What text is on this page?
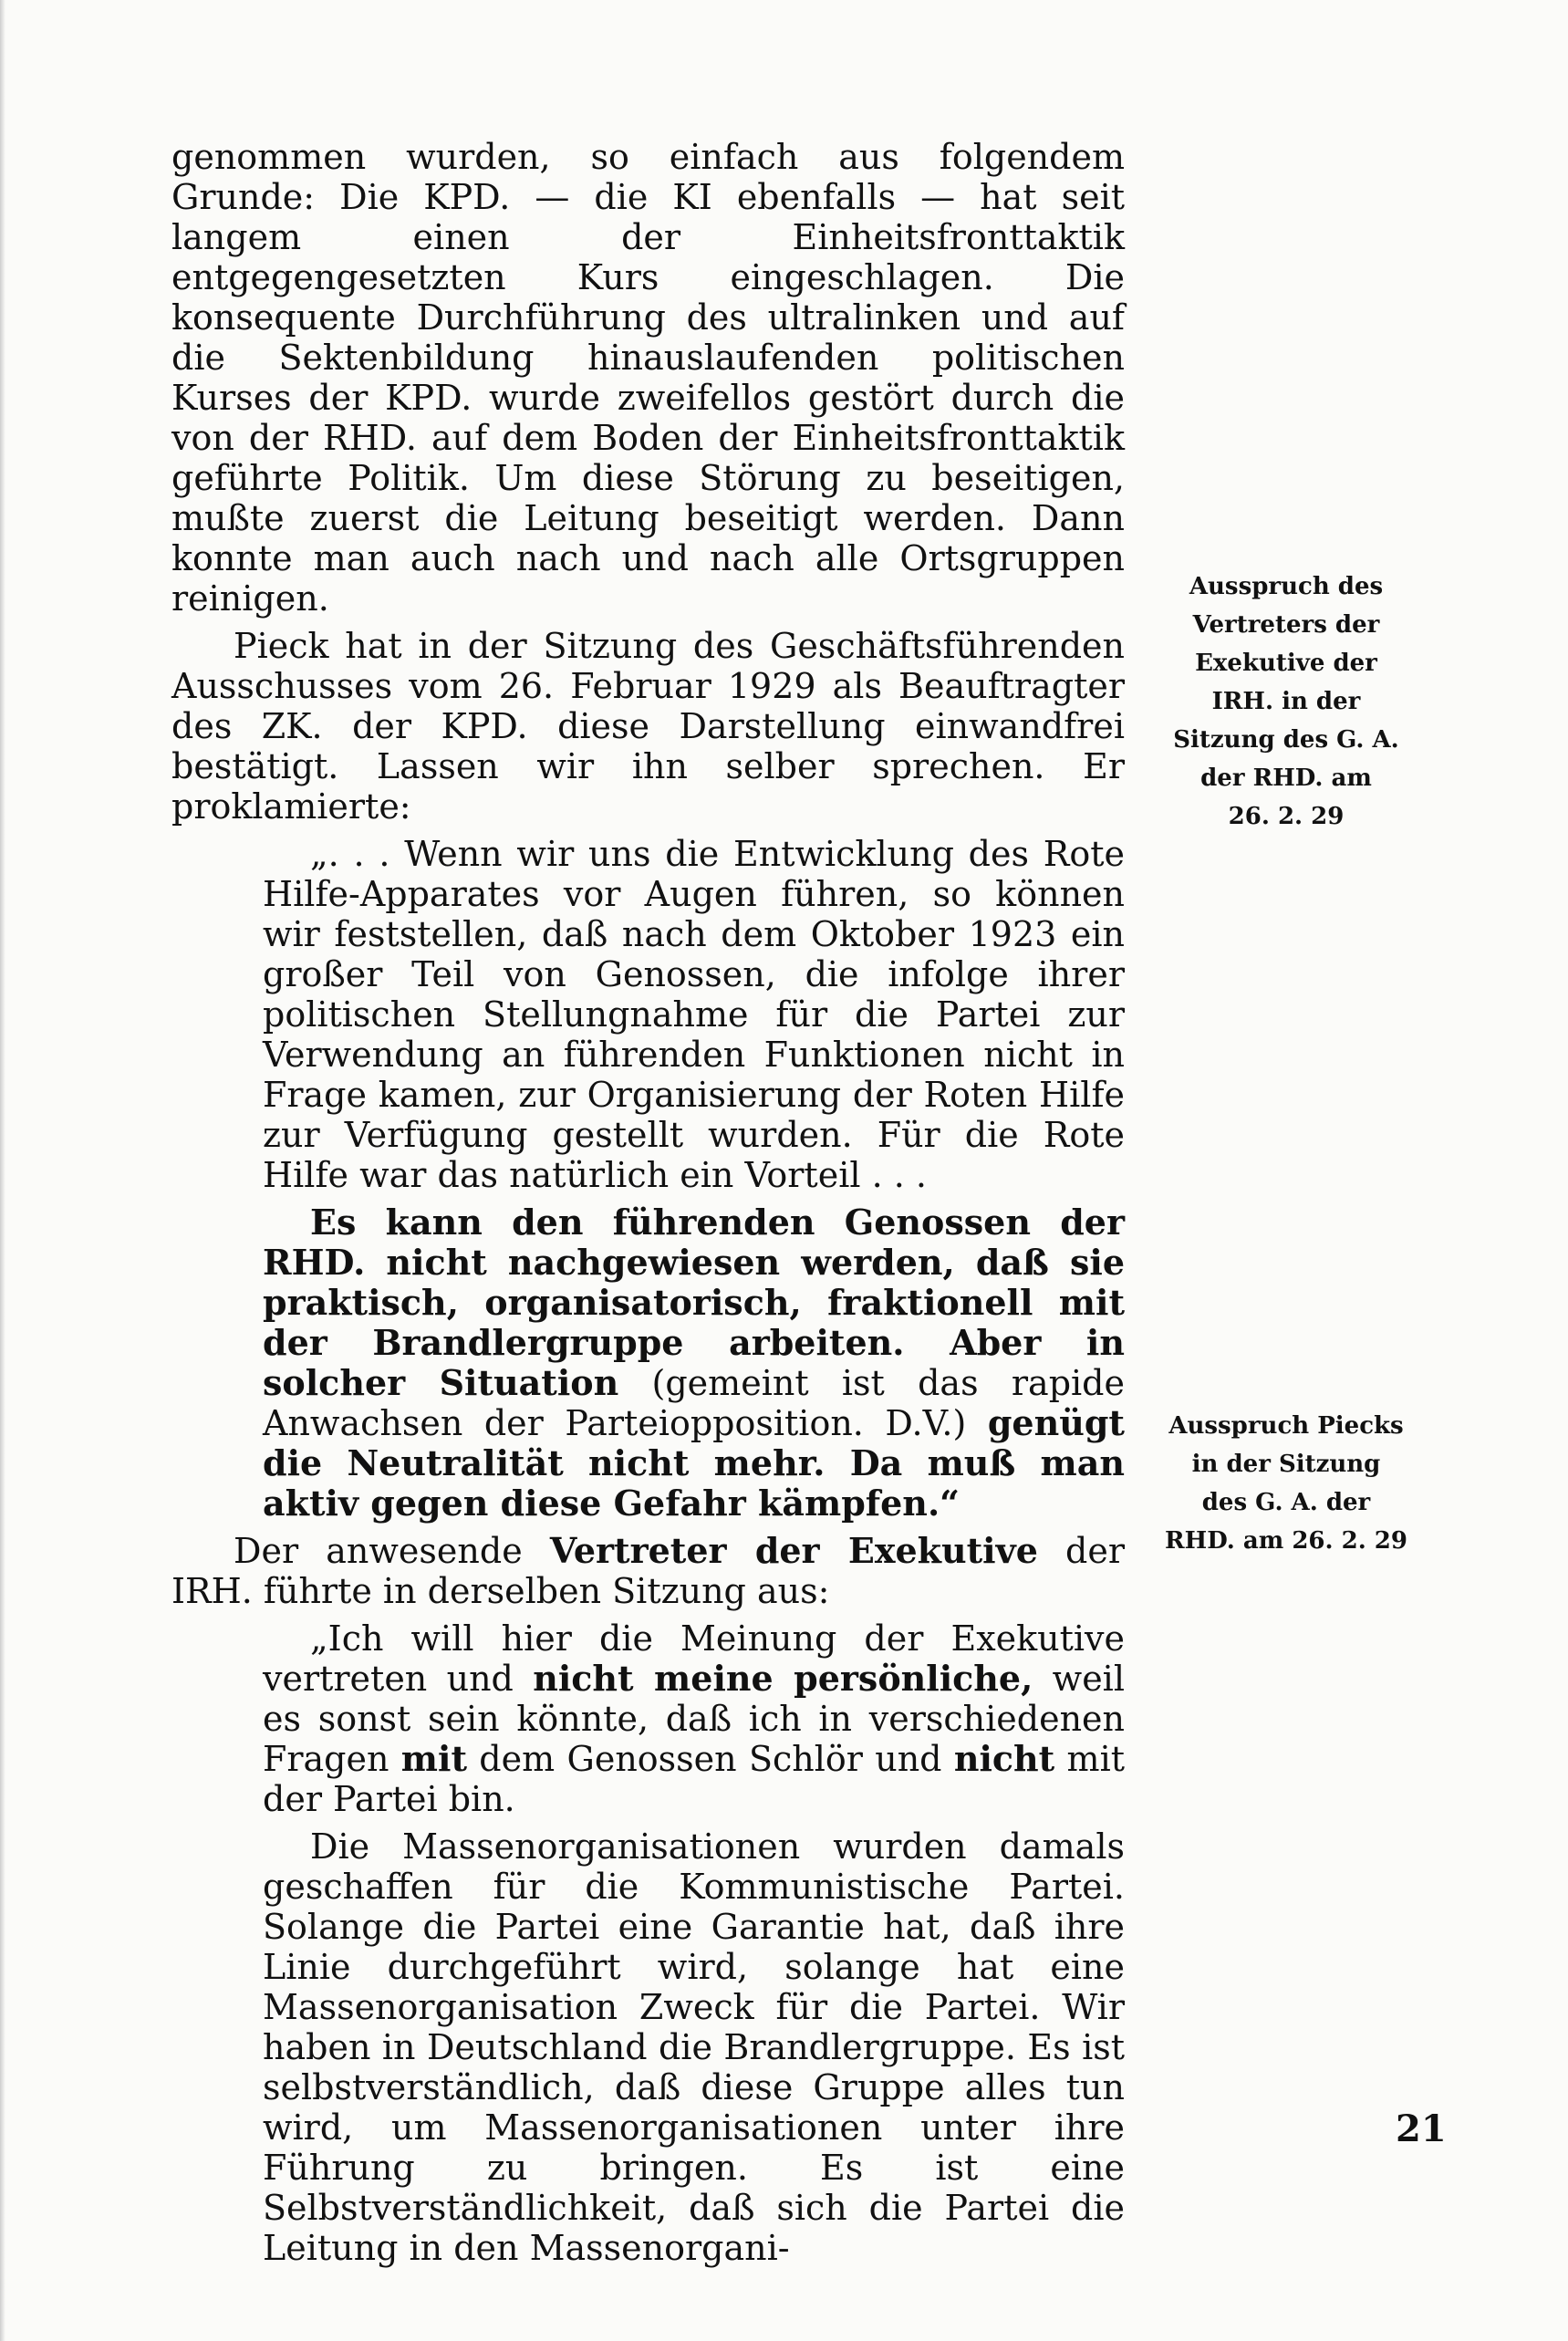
genommen wurden, so einfach aus folgendem Grunde: Die KPD. — die KI ebenfalls — hat seit langem einen der Einheitsfronttaktik entgegengesetzten Kurs eingeschlagen. Die konsequente Durchführung des ultralinken und auf die Sektenbildung hinauslaufenden politischen Kurses der KPD. wurde zweifellos gestört durch die von der RHD. auf dem Boden der Einheitsfronttaktik geführte Politik. Um diese Störung zu beseitigen, mußte zuerst die Leitung beseitigt werden. Dann konnte man auch nach und nach alle Ortsgruppen reinigen.

Pieck hat in der Sitzung des Geschäftsführenden Ausschusses vom 26. Februar 1929 als Beauftragter des ZK. der KPD. diese Darstellung einwandfrei bestätigt. Lassen wir ihn selber sprechen. Er proklamierte:

„. . . Wenn wir uns die Entwicklung des Rote Hilfe-Apparates vor Augen führen, so können wir feststellen, daß nach dem Oktober 1923 ein großer Teil von Genossen, die infolge ihrer politischen Stellungnahme für die Partei zur Verwendung an führenden Funktionen nicht in Frage kamen, zur Organisierung der Roten Hilfe zur Verfügung gestellt wurden. Für die Rote Hilfe war das natürlich ein Vorteil . . .

Es kann den führenden Genossen der RHD. nicht nachgewiesen werden, daß sie praktisch, organisatorisch, fraktionell mit der Brandlergruppe arbeiten. Aber in solcher Situation (gemeint ist das rapide Anwachsen der Parteiopposition. D.V.) genügt die Neutralität nicht mehr. Da muß man aktiv gegen diese Gefahr kämpfen.“

Der anwesende Vertreter der Exekutive der IRH. führte in derselben Sitzung aus:

„Ich will hier die Meinung der Exekutive vertreten und nicht meine persönliche, weil es sonst sein könnte, daß ich in verschiedenen Fragen mit dem Genossen Schlör und nicht mit der Partei bin.

Die Massenorganisationen wurden damals geschaffen für die Kommunistische Partei. Solange die Partei eine Garantie hat, daß ihre Linie durchgeführt wird, solange hat eine Massenorganisation Zweck für die Partei. Wir haben in Deutschland die Brandlergruppe. Es ist selbstverständlich, daß diese Gruppe alles tun wird, um Massenorganisationen unter ihre Führung zu bringen. Es ist eine Selbstverständlichkeit, daß sich die Partei die Leitung in den Massenorgani-

Ausspruch des
Vertreters der
Exekutive der
IRH. in der
Sitzung des G. A.
der RHD. am
26. 2. 29
Ausspruch Piecks
in der Sitzung
des G. A. der
RHD. am 26. 2. 29
21
